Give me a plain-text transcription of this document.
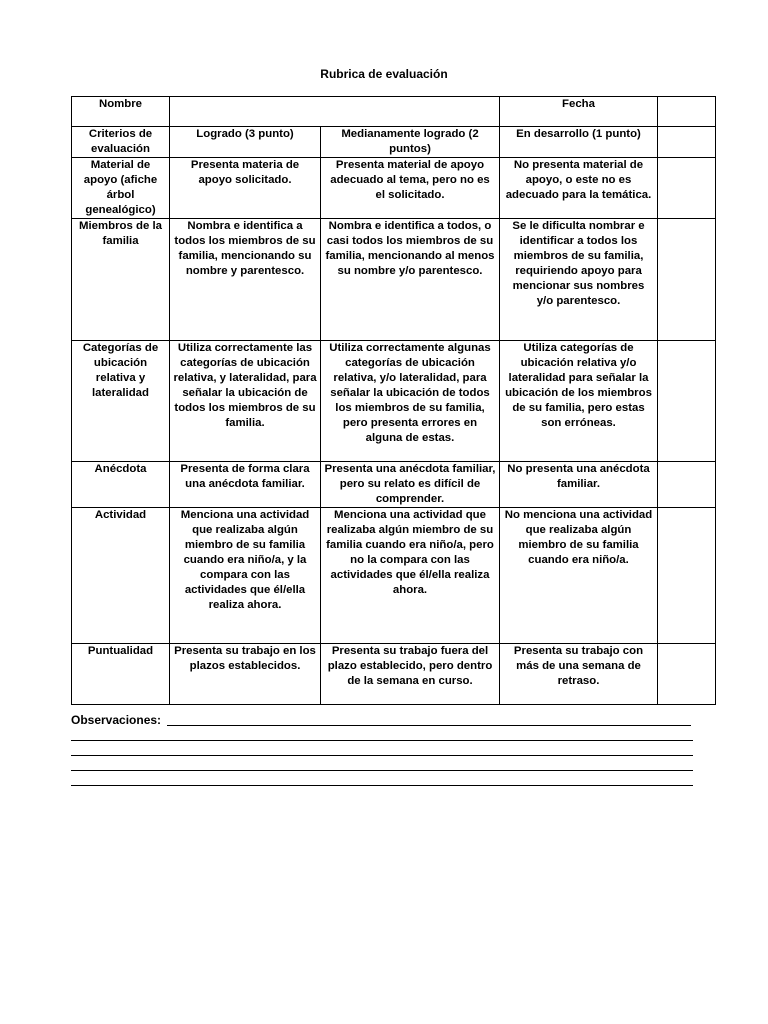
Rubrica de evaluación
Nombre			Fecha	
Criterios de evaluación	Logrado (3 punto)	Medianamente logrado (2 puntos)	En desarrollo (1 punto)	
Material de apoyo (afiche árbol genealógico)	Presenta materia de apoyo solicitado.	Presenta material de apoyo adecuado al tema, pero no es el solicitado.	No presenta material de apoyo, o este no es adecuado para la temática.	
Miembros de la familia	Nombra e identifica a todos los miembros de su familia, mencionando su nombre y parentesco.	Nombra e identifica a todos, o casi todos los miembros de su familia, mencionando al menos su nombre y/o parentesco.	Se le dificulta nombrar e identificar a todos los miembros de su familia, requiriendo apoyo para mencionar sus nombres y/o parentesco.	
Categorías de ubicación relativa y lateralidad	Utiliza correctamente las categorías de ubicación relativa, y lateralidad, para señalar la ubicación de todos los miembros de su familia.	Utiliza correctamente algunas categorías de ubicación relativa, y/o lateralidad, para señalar la ubicación de todos los miembros de su familia, pero presenta errores en alguna de estas.	Utiliza categorías de ubicación relativa y/o lateralidad para señalar la ubicación de los miembros de su familia, pero estas son erróneas.	
Anécdota	Presenta de forma clara una anécdota familiar.	Presenta una anécdota familiar, pero su relato es difícil de comprender.	No presenta una anécdota familiar.	
Actividad	Menciona una actividad que realizaba algún miembro de su familia cuando era niño/a, y la compara con las actividades que él/ella realiza ahora.	Menciona una actividad que realizaba algún miembro de su familia cuando era niño/a, pero no la compara con las actividades que él/ella realiza ahora.	No menciona una actividad que realizaba algún miembro de su familia cuando era niño/a.	
Puntualidad	Presenta su trabajo en los plazos establecidos.	Presenta su trabajo fuera del plazo establecido, pero dentro de la semana en curso.	Presenta su trabajo con más de una semana de retraso.	
Observaciones:
